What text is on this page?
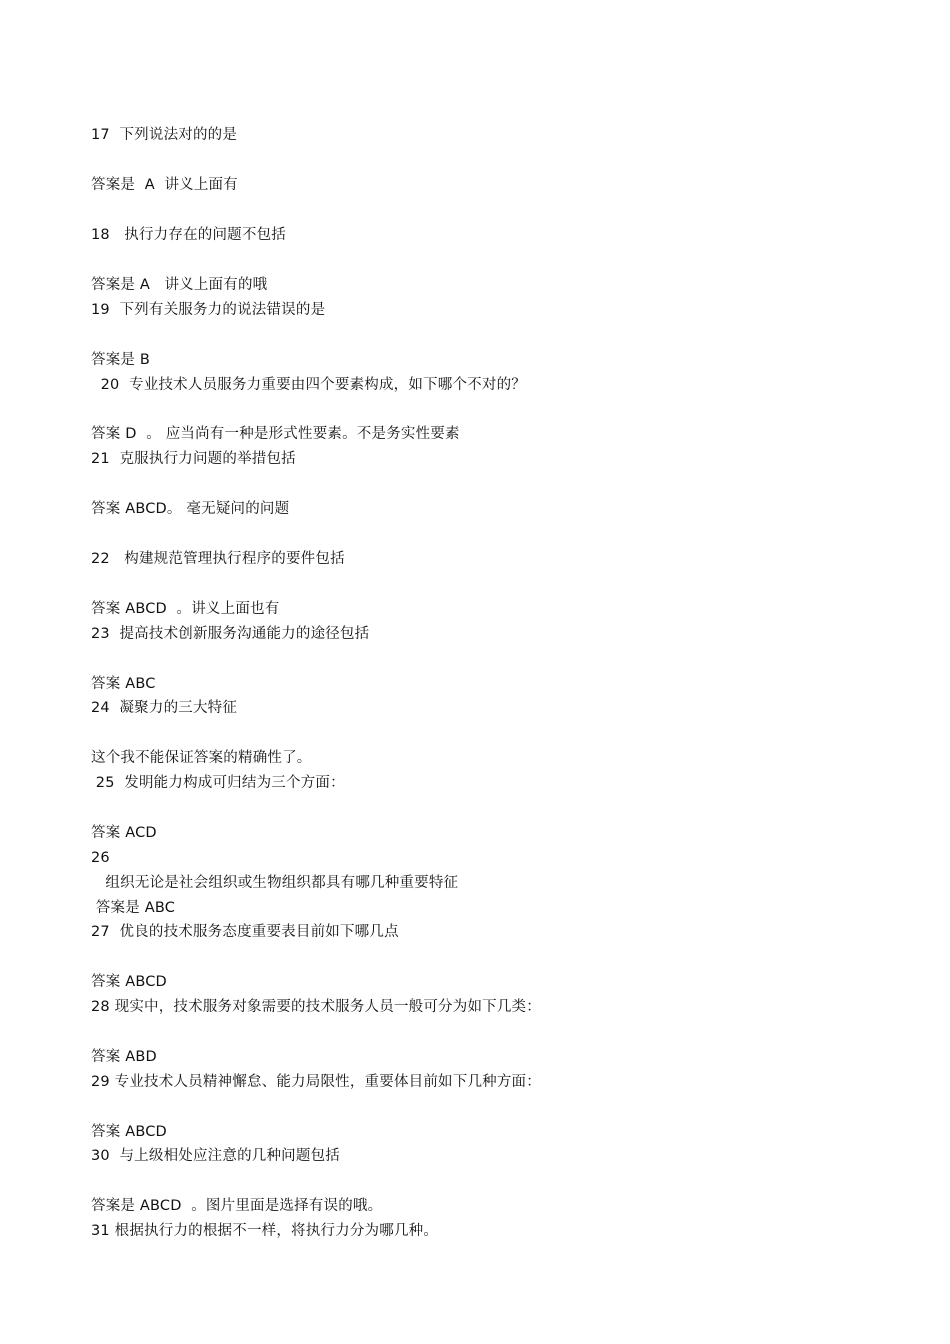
17  下列说法对的的是
答案是  A  讲义上面有
18   执行力存在的问题不包括
答案是 A   讲义上面有的哦
19  下列有关服务力的说法错误的是
答案是 B
20  专业技术人员服务力重要由四个要素构成，如下哪个不对的？
答案 D  。 应当尚有一种是形式性要素。不是务实性要素
21  克服执行力问题的举措包括
答案 ABCD。 毫无疑问的问题
22   构建规范管理执行程序的要件包括
答案 ABCD  。讲义上面也有
23  提高技术创新服务沟通能力的途径包括
答案 ABC
24  凝聚力的三大特征
这个我不能保证答案的精确性了。
25  发明能力构成可归结为三个方面：
答案 ACD
26
组织无论是社会组织或生物组织都具有哪几种重要特征
答案是 ABC
27  优良的技术服务态度重要表目前如下哪几点
答案 ABCD
28 现实中，技术服务对象需要的技术服务人员一般可分为如下几类：
答案 ABD
29 专业技术人员精神懈怠、能力局限性，重要体目前如下几种方面：
答案 ABCD
30  与上级相处应注意的几种问题包括
答案是 ABCD  。图片里面是选择有误的哦。
31 根据执行力的根据不一样，将执行力分为哪几种。
